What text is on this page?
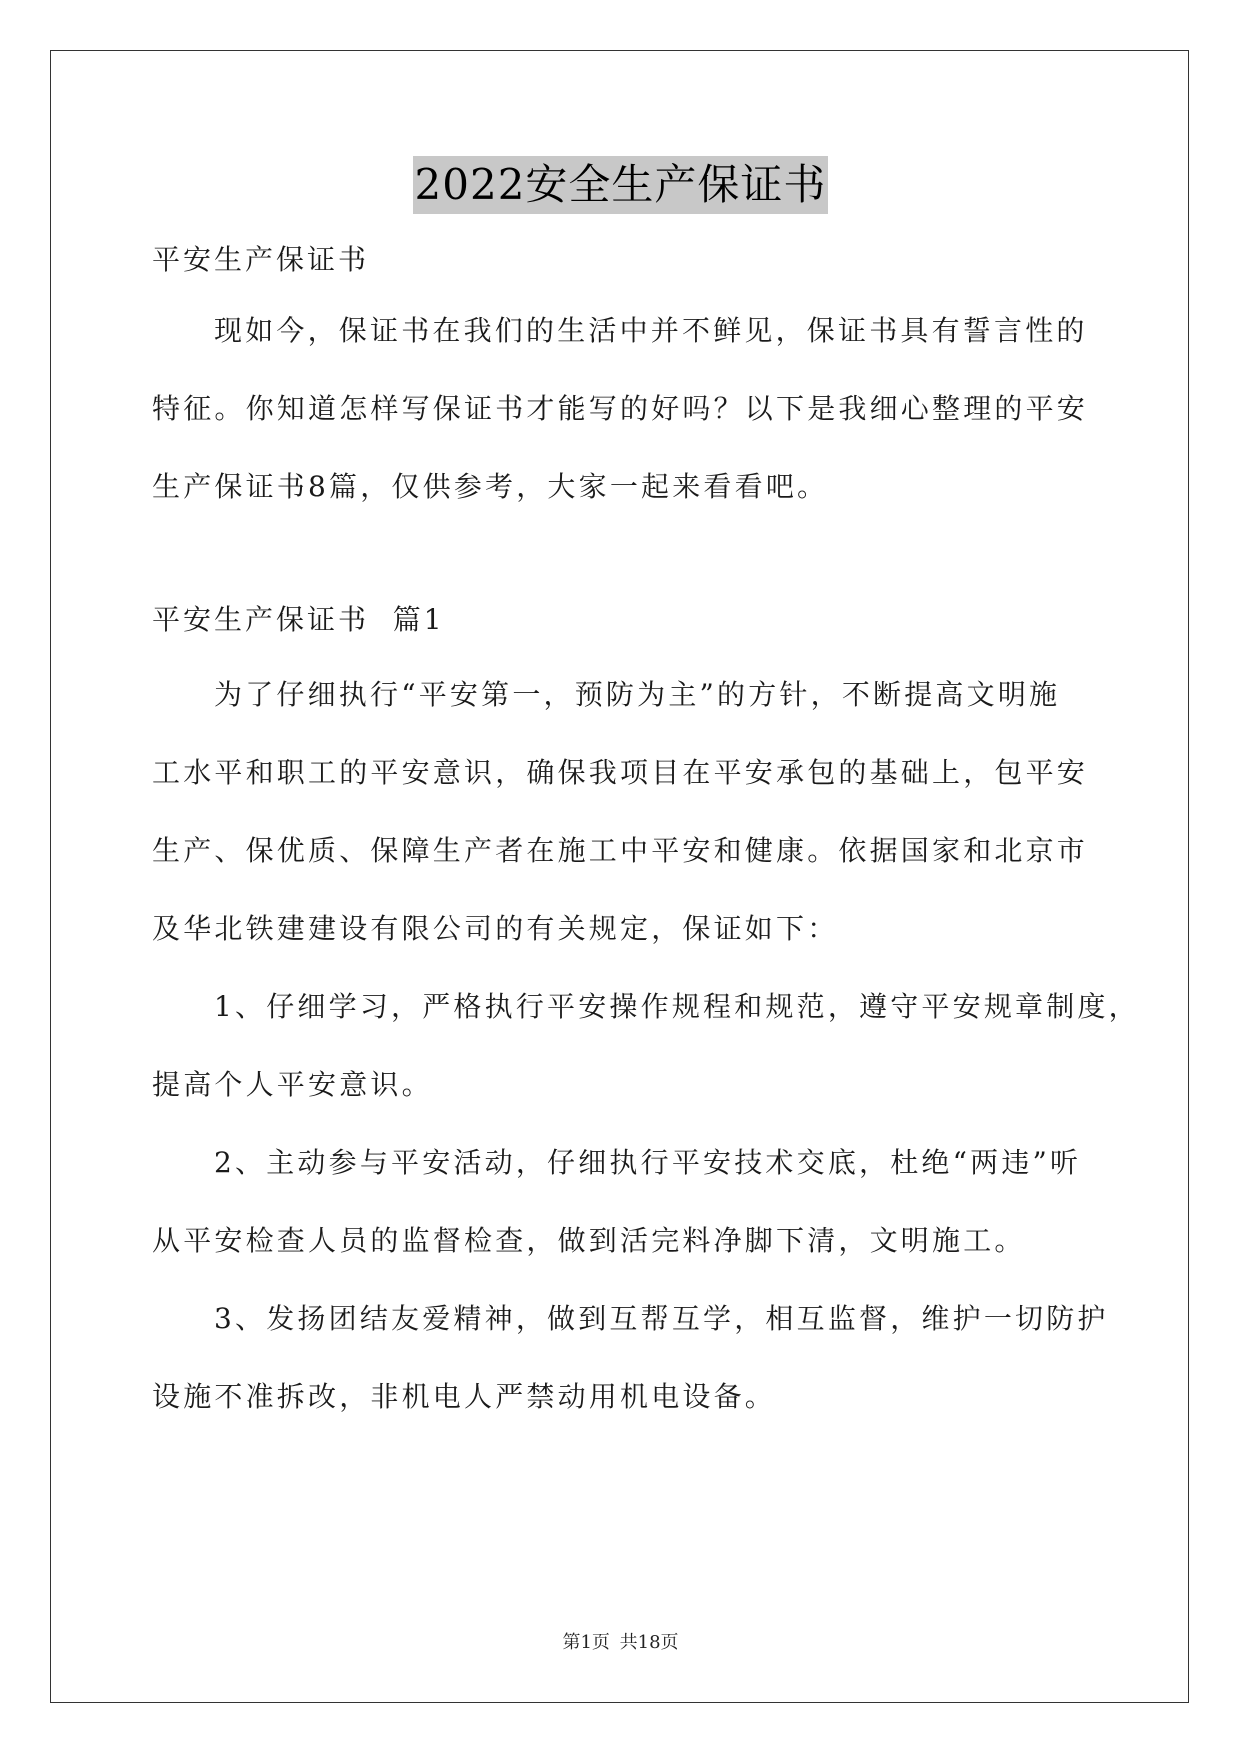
2022安全生产保证书

平安生产保证书

现如今，保证书在我们的生活中并不鲜见，保证书具有誓言性的
特征。你知道怎样写保证书才能写的好吗？以下是我细心整理的平安
生产保证书8篇，仅供参考，大家一起来看看吧。

平安生产保证书  篇1

为了仔细执行“平安第一，预防为主”的方针，不断提高文明施
工水平和职工的平安意识，确保我项目在平安承包的基础上，包平安
生产、保优质、保障生产者在施工中平安和健康。依据国家和北京市
及华北铁建建设有限公司的有关规定，保证如下：
1、仔细学习，严格执行平安操作规程和规范，遵守平安规章制度，
提高个人平安意识。
2、主动参与平安活动，仔细执行平安技术交底，杜绝“两违”听
从平安检查人员的监督检查，做到活完料净脚下清，文明施工。
3、发扬团结友爱精神，做到互帮互学，相互监督，维护一切防护
设施不准拆改，非机电人严禁动用机电设备。
第1页 共18页
